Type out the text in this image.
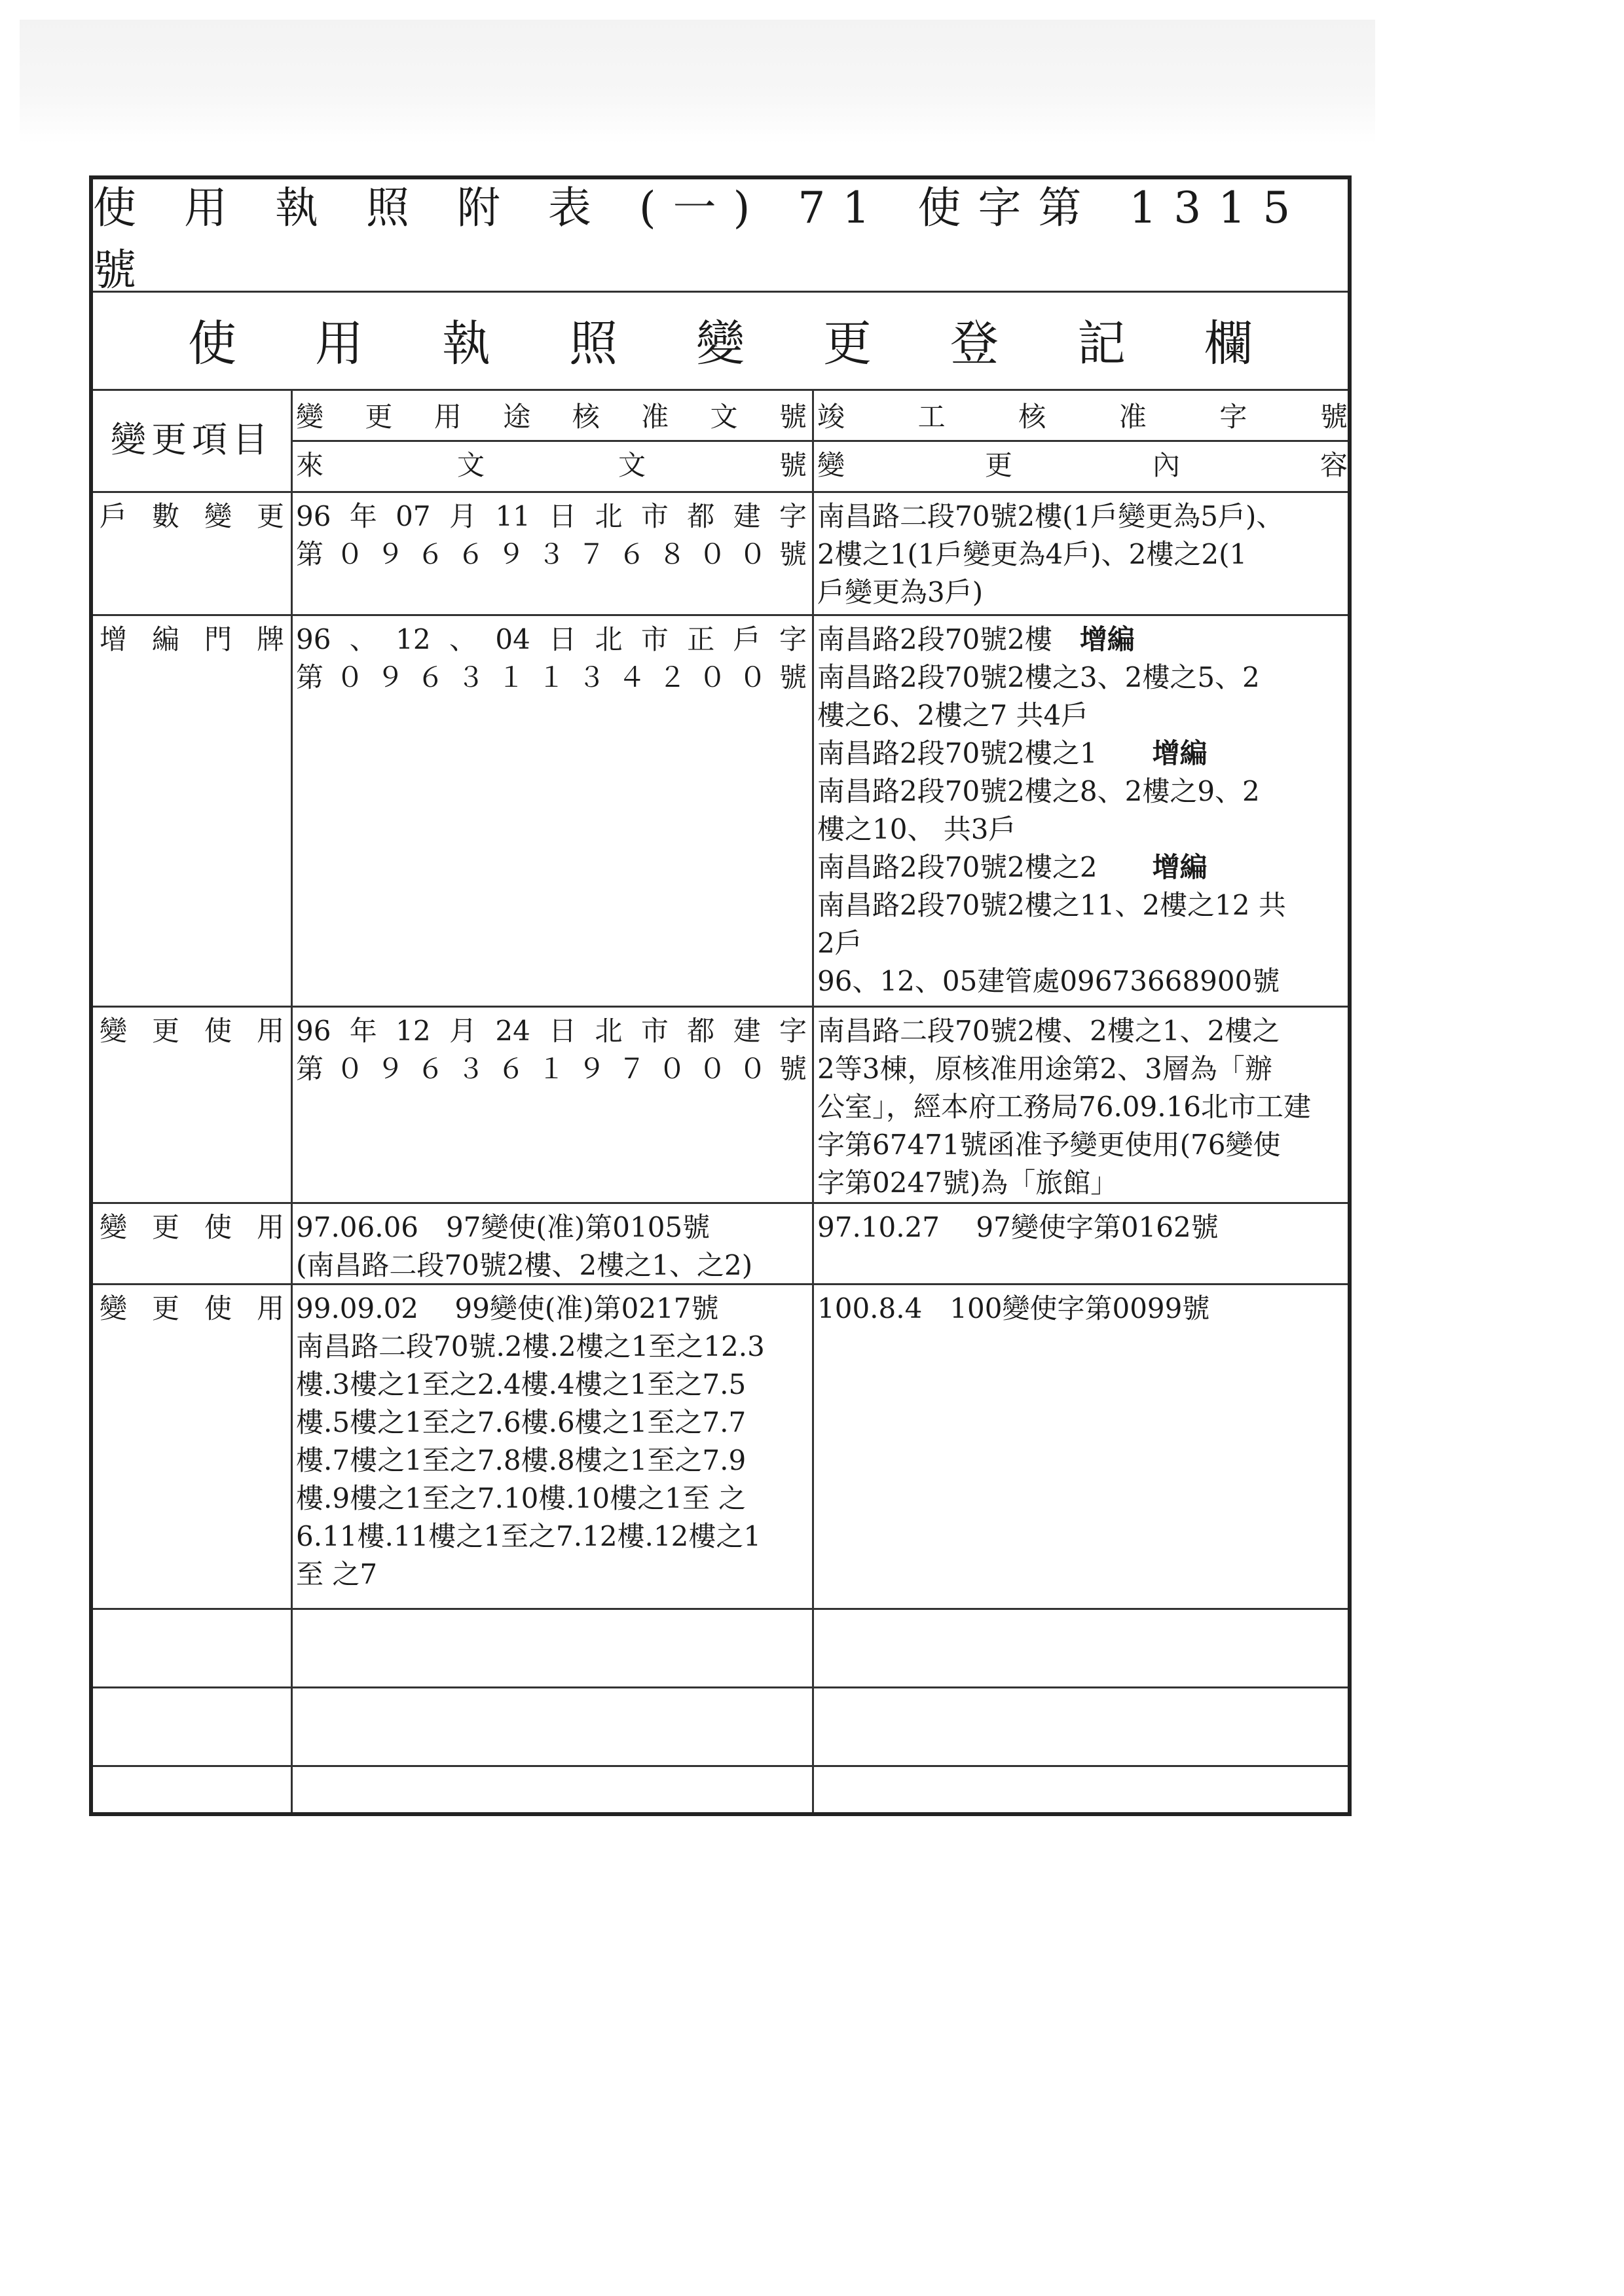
使 用 執 照 附 表 (一) 71 使字第 1315 號
使用執照變更登記欄
變更項目
變更用途核准文號
來文文號
竣工核准字號
變更內容
戶數變更 96年07月11日北市都建字
第０９６６９３７６８００號
南昌路二段70號2樓(1戶變更為5戶)、
2樓之1(1戶變更為4戶)、2樓之2(1
戶變更為3戶)
增編門牌 96、12、04日北市正戶字
第０９６３１１３４２００號
南昌路2段70號2樓　 增編
南昌路2段70號2樓之3、2樓之5、2
樓之6、2樓之7 共4戶
南昌路2段70號2樓之1　　 增編
南昌路2段70號2樓之8、2樓之9、2
樓之10、 共3戶
南昌路2段70號2樓之2　　 增編
南昌路2段70號2樓之11、2樓之12 共
2戶
96、12、05建管處09673668900號
變更使用 96年12月24日北市都建字
第０９６３６１９７０００號
南昌路二段70號2樓、2樓之1、2樓之
2等3棟，原核准用途第2、3層為「辦
公室」，經本府工務局76.09.16北市工建
字第67471號函准予變更使用(76變使
字第0247號)為「旅館」
變更使用 97.06.06　97變使(准)第0105號
(南昌路二段70號2樓、2樓之1、之2)
97.10.27　 97變使字第0162號
變更使用 99.09.02　 99變使(准)第0217號
南昌路二段70號.2樓.2樓之1至之12.3
樓.3樓之1至之2.4樓.4樓之1至之7.5
樓.5樓之1至之7.6樓.6樓之1至之7.7
樓.7樓之1至之7.8樓.8樓之1至之7.9
樓.9樓之1至之7.10樓.10樓之1至 之
6.11樓.11樓之1至之7.12樓.12樓之1
至 之7
100.8.4　100變使字第0099號
